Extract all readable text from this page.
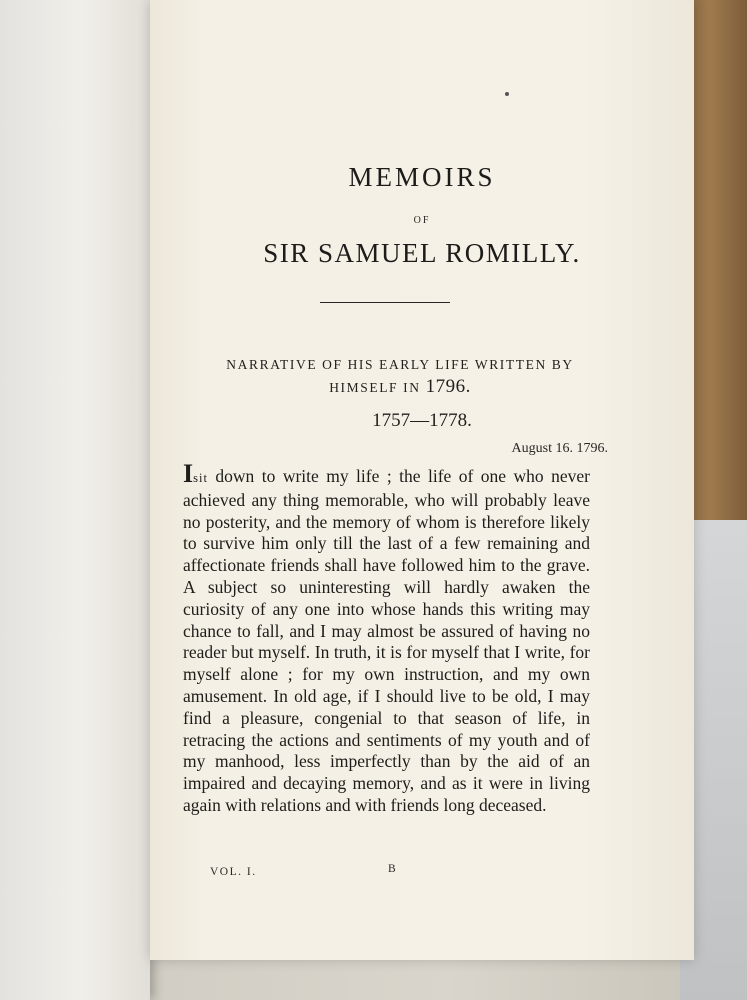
MEMOIRS
OF
SIR SAMUEL ROMILLY.
NARRATIVE OF HIS EARLY LIFE WRITTEN BY
HIMSELF IN 1796.
1757—1778.
August 16. 1796.
Isit down to write my life ; the life of one who never achieved any thing memorable, who will probably leave no posterity, and the memory of whom is therefore likely to survive him only till the last of a few remaining and affectionate friends shall have followed him to the grave. A subject so uninteresting will hardly awaken the curiosity of any one into whose hands this writing may chance to fall, and I may almost be assured of having no reader but myself. In truth, it is for myself that I write, for myself alone ; for my own instruction, and my own amusement. In old age, if I should live to be old, I may find a pleasure, congenial to that season of life, in retracing the actions and sentiments of my youth and of my manhood, less imperfectly than by the aid of an impaired and decaying memory, and as it were in living again with relations and with friends long deceased.
VOL. I.	B
